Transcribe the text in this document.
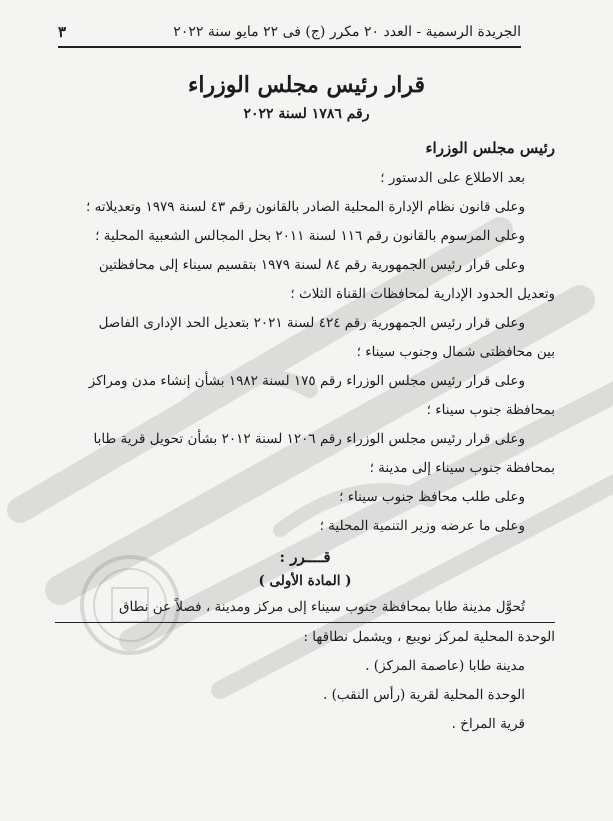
الجريدة الرسمية - العدد ٢٠ مكرر (ج) فى ٢٢ مايو سنة ٢٠٢٢
٣
قرار رئيس مجلس الوزراء
رقم ١٧٨٦ لسنة ٢٠٢٢

رئيس مجلس الوزراء

بعد الاطلاع على الدستور ؛

وعلى قانون نظام الإدارة المحلية الصادر بالقانون رقم ٤٣ لسنة ١٩٧٩ وتعديلاته ؛

وعلى المرسوم بالقانون رقم ١١٦ لسنة ٢٠١١ بحل المجالس الشعبية المحلية ؛

وعلى قرار رئيس الجمهورية رقم ٨٤ لسنة ١٩٧٩ بتقسيم سيناء إلى محافظتين

وتعديل الحدود الإدارية لمحافظات القناة الثلاث ؛

وعلى قرار رئيس الجمهورية رقم ٤٢٤ لسنة ٢٠٢١ بتعديل الحد الإدارى الفاصل

بين محافظتى شمال وجنوب سيناء ؛

وعلى قرار رئيس مجلس الوزراء رقم ١٧٥ لسنة ١٩٨٢ بشأن إنشاء مدن ومراكز

بمحافظة جنوب سيناء ؛

وعلى قرار رئيس مجلس الوزراء رقم ١٢٠٦ لسنة ٢٠١٢ بشأن تحويل قرية طابا

بمحافظة جنوب سيناء إلى مدينة ؛

وعلى طلب محافظ جنوب سيناء ؛

وعلى ما عرضه وزير التنمية المحلية ؛

قــــرر :

( المادة الأولى )

تُحوَّل مدينة طابا بمحافظة جنوب سيناء إلى مركز ومدينة ، فصلاً عن نطاق

الوحدة المحلية لمركز نويبع ، ويشمل نطاقها :

مدينة طابا (عاصمة المركز) .

الوحدة المحلية لقرية (رأس النقب) .

قرية المراخ .
